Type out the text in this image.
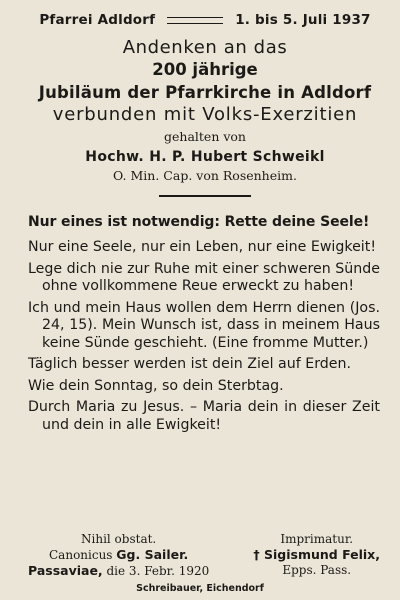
Pfarrei Adldorf	1. bis 5. Juli 1937
Andenken an das
200 jährige
Jubiläum der Pfarrkirche in Adldorf
verbunden mit Volks-Exerzitien
gehalten von
Hochw. H. P. Hubert Schweikl
O. Min. Cap. von Rosenheim.
Nur eines ist notwendig: Rette deine Seele!

Nur eine Seele, nur ein Leben, nur eine Ewigkeit!

Lege dich nie zur Ruhe mit einer schweren Sünde ohne vollkommene Reue erweckt zu haben!

Ich und mein Haus wollen dem Herrn dienen (Jos. 24, 15). Mein Wunsch ist, dass in meinem Haus keine Sünde geschieht. (Eine fromme Mutter.)

Täglich besser werden ist dein Ziel auf Erden.

Wie dein Sonntag, so dein Sterbtag.

Durch Maria zu Jesus. – Maria dein in dieser Zeit und dein in alle Ewigkeit!

Nihil obstat.
Canonicus Gg. Sailer.
Passaviae, die 3. Febr. 1920
Imprimatur.
† Sigismund Felix,
Epps. Pass.
Schreibauer, Eichendorf
